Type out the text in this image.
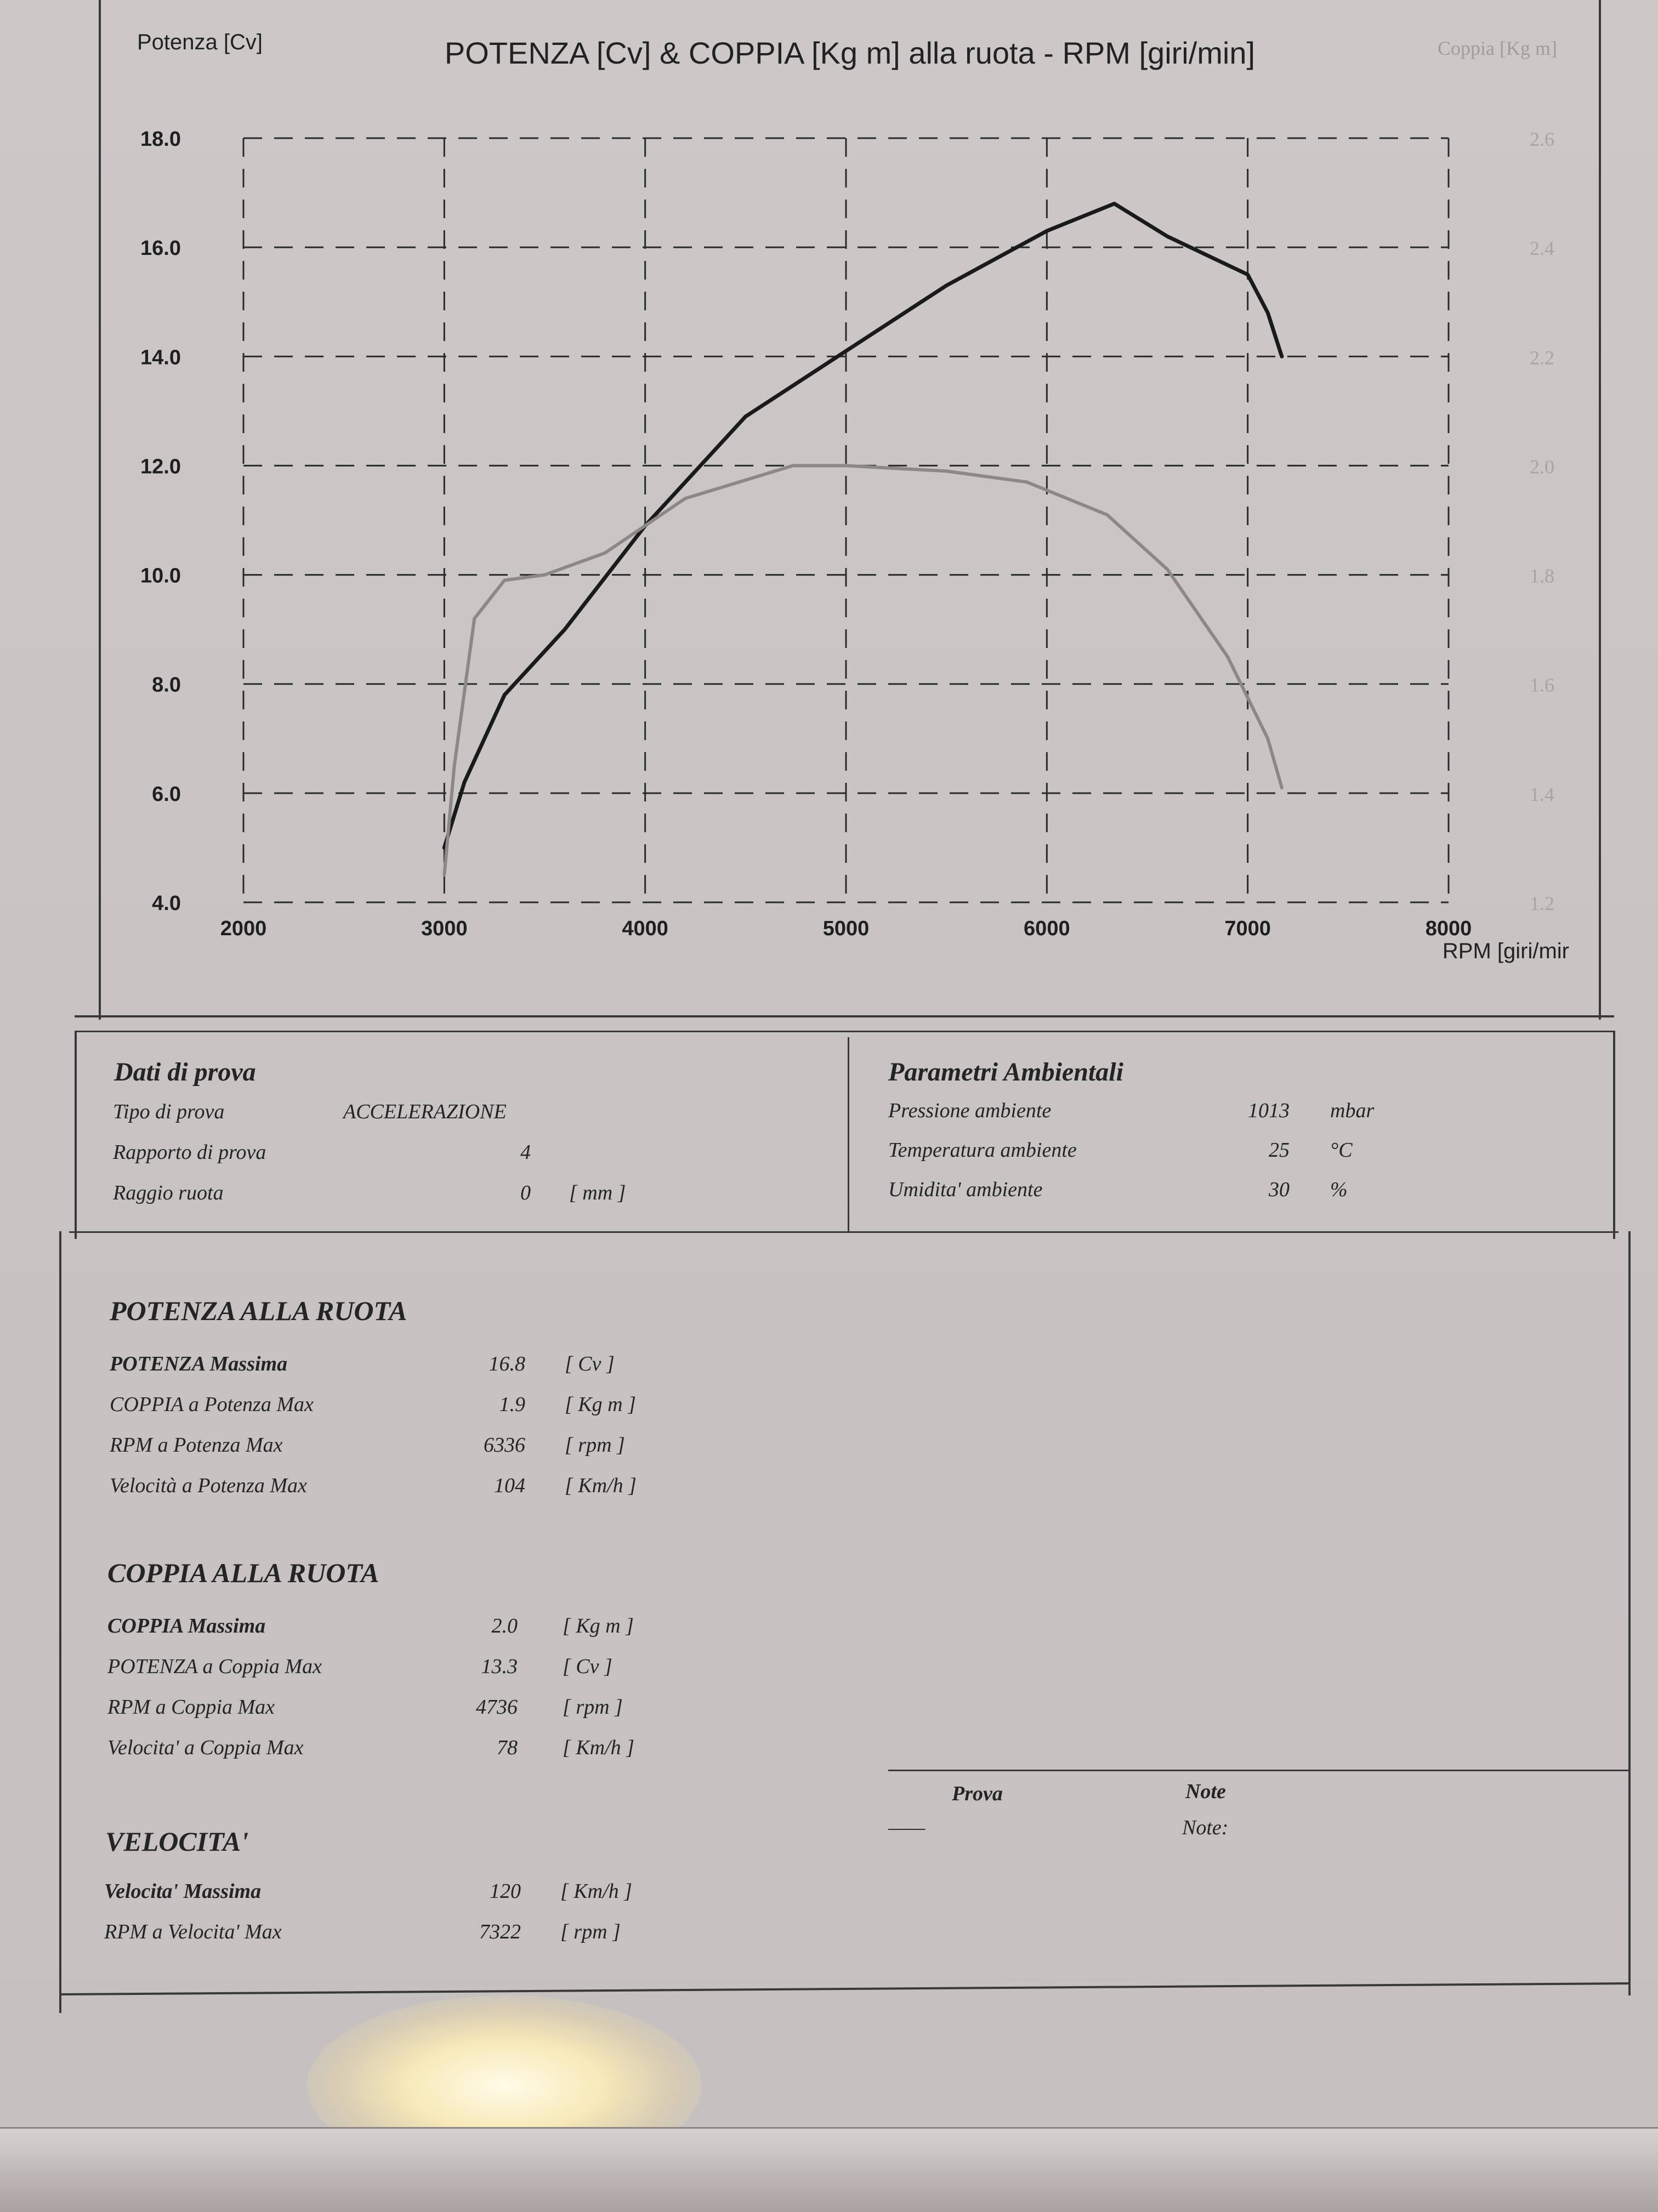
Potenza [Cv]	POTENZA [Cv] & COPPIA [Kg m] alla ruota - RPM [giri/min]	Coppia [Kg m]
RPM [giri/mir
4.0
6.0
8.0
10.0
12.0
14.0
16.0
18.0
1.2
1.4
1.6
1.8
2.0
2.2
2.4
2.6
2000	3000	4000	5000	6000	7000	8000
Dati di prova
Tipo di prova	ACCELERAZIONE
Rapporto di prova	4
Raggio ruota	0 [ mm ]
Parametri Ambientali
Pressione ambiente	1013 mbar
Temperatura ambiente	25 °C
Umidita' ambiente	30 %
POTENZA ALLA RUOTA
POTENZA Massima	16.8 [ Cv ]
COPPIA a Potenza Max	1.9 [ Kg m ]
RPM a Potenza Max	6336 [ rpm ]
Velocità a Potenza Max	104 [ Km/h ]
COPPIA ALLA RUOTA
COPPIA Massima	2.0 [ Kg m ]
POTENZA a Coppia Max	13.3 [ Cv ]
RPM a Coppia Max	4736 [ rpm ]
Velocita' a Coppia Max	78 [ Km/h ]
VELOCITA'
Velocita' Massima	120 [ Km/h ]
RPM a Velocita' Max	7322 [ rpm ]
Prova	Note
——	Note:
